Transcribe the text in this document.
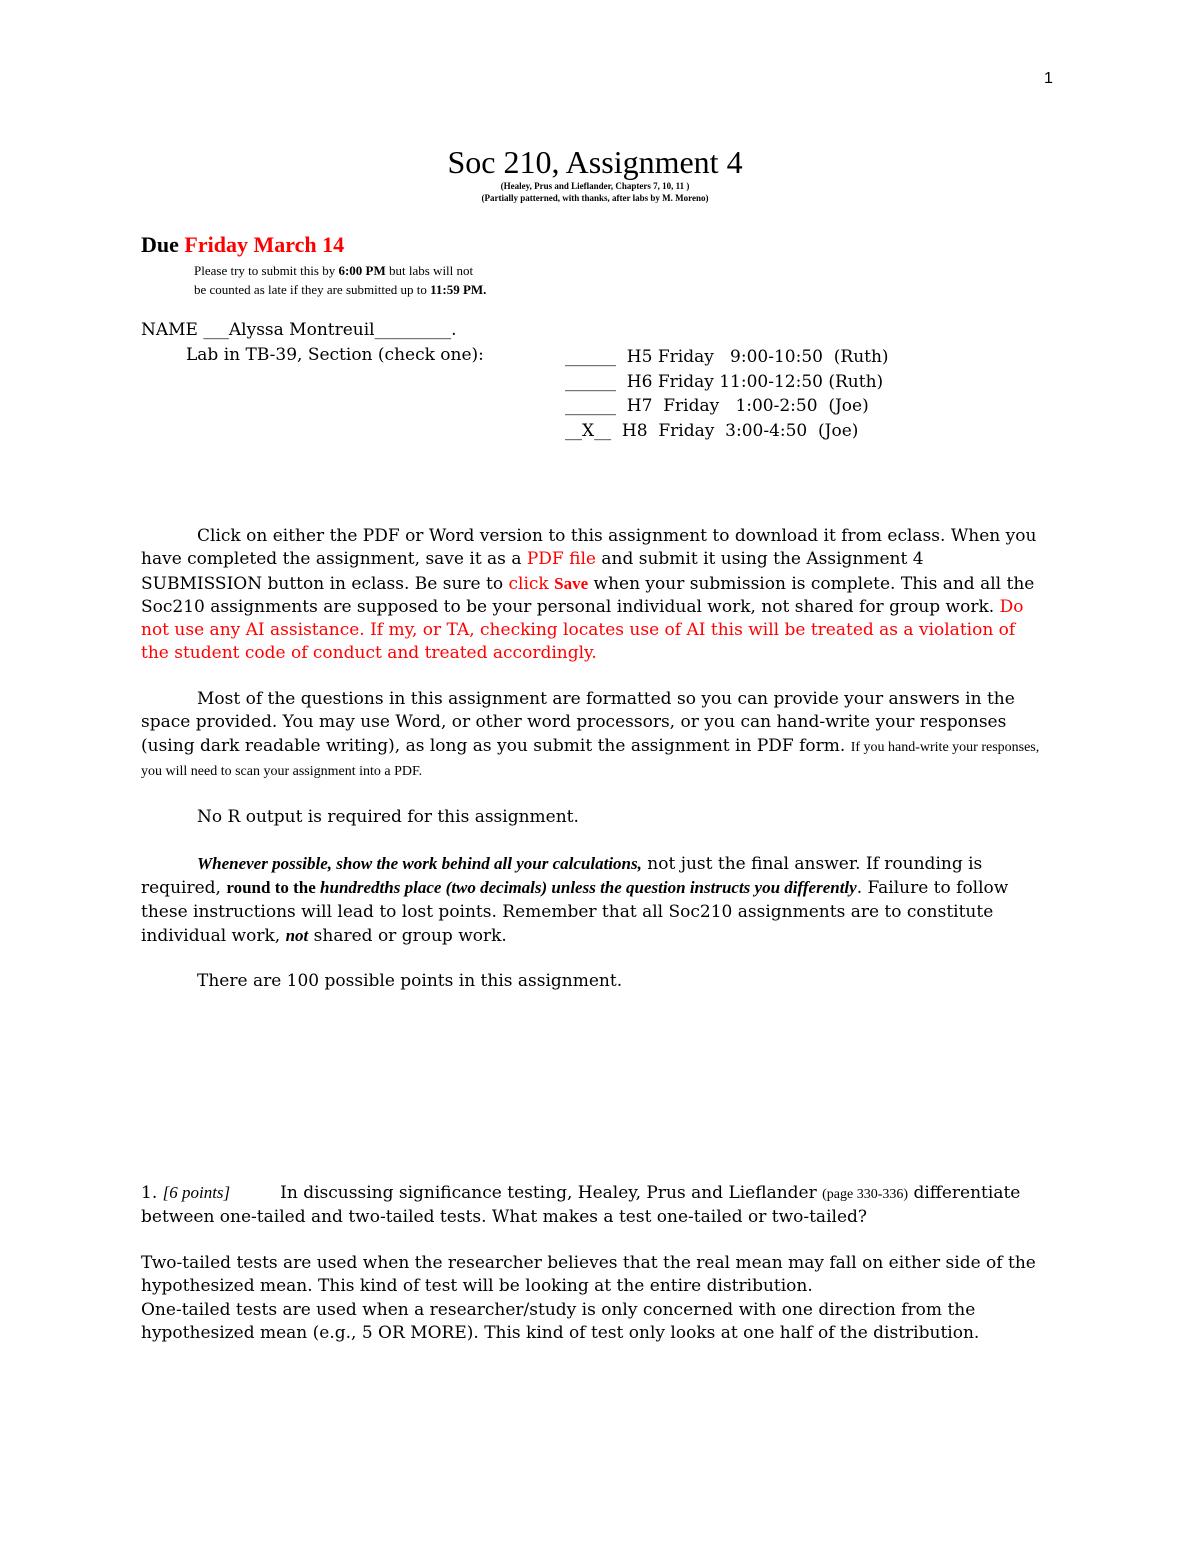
1
Soc 210, Assignment 4
(Healey, Prus and Lieflander, Chapters 7, 10, 11 )
(Partially patterned, with thanks, after labs by M. Moreno)
Due Friday March 14
Please try to submit this by 6:00 PM but labs will not
be counted as late if they are submitted up to 11:59 PM.
NAME ___Alyssa Montreuil_________.
Lab in TB-39, Section (check one):	______  H5 Friday   9:00-10:50  (Ruth)
______  H6 Friday 11:00-12:50 (Ruth)
______  H7  Friday   1:00-2:50  (Joe)
__X__  H8  Friday  3:00-4:50  (Joe)
Click on either the PDF or Word version to this assignment to download it from eclass. When you have completed the assignment, save it as a PDF file and submit it using the Assignment 4 SUBMISSION button in eclass. Be sure to click Save when your submission is complete. This and all the Soc210 assignments are supposed to be your personal individual work, not shared for group work. Do not use any AI assistance. If my, or TA, checking locates use of AI this will be treated as a violation of the student code of conduct and treated accordingly.
Most of the questions in this assignment are formatted so you can provide your answers in the space provided. You may use Word, or other word processors, or you can hand-write your responses (using dark readable writing), as long as you submit the assignment in PDF form. If you hand-write your responses, you will need to scan your assignment into a PDF.
No R output is required for this assignment.
Whenever possible, show the work behind all your calculations, not just the final answer. If rounding is required, round to the hundredths place (two decimals) unless the question instructs you differently. Failure to follow these instructions will lead to lost points. Remember that all Soc210 assignments are to constitute individual work, not shared or group work.
There are 100 possible points in this assignment.
1. [6 points]	In discussing significance testing, Healey, Prus and Lieflander (page 330-336) differentiate between one-tailed and two-tailed tests. What makes a test one-tailed or two-tailed?
Two-tailed tests are used when the researcher believes that the real mean may fall on either side of the hypothesized mean. This kind of test will be looking at the entire distribution.
One-tailed tests are used when a researcher/study is only concerned with one direction from the hypothesized mean (e.g., 5 OR MORE). This kind of test only looks at one half of the distribution.
